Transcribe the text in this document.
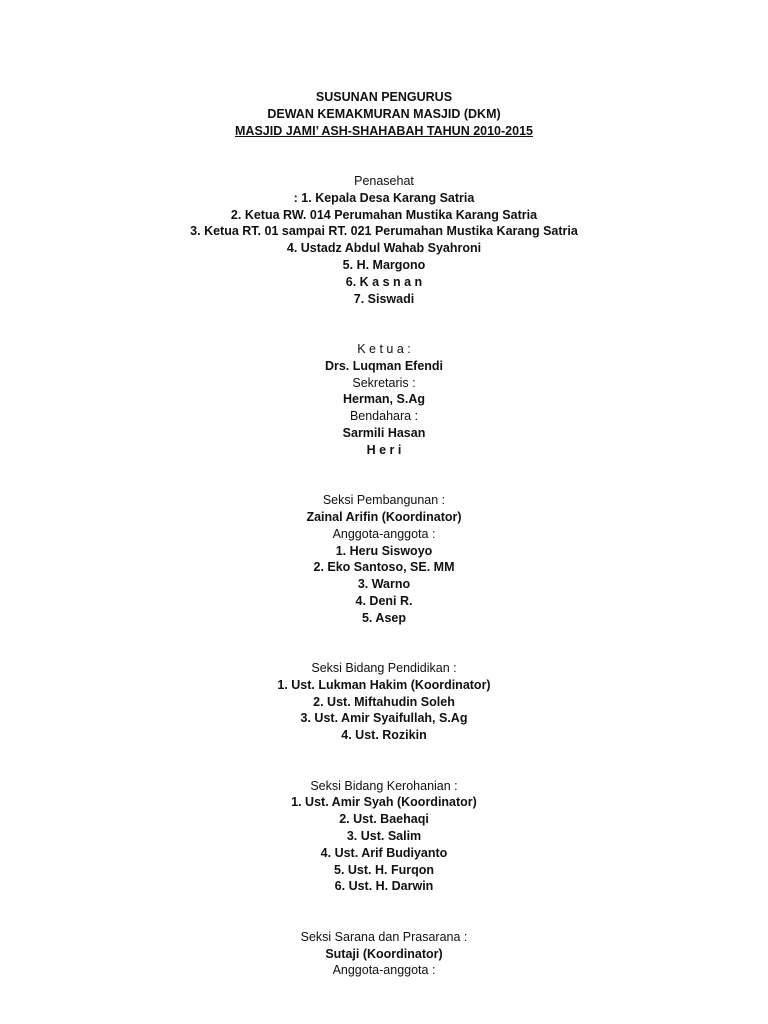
SUSUNAN PENGURUS
DEWAN KEMAKMURAN MASJID (DKM)
MASJID JAMI’ ASH-SHAHABAH TAHUN 2010-2015
Penasehat
: 1. Kepala Desa Karang Satria
2. Ketua RW. 014 Perumahan Mustika Karang Satria
3. Ketua RT. 01 sampai RT. 021 Perumahan Mustika Karang Satria
4. Ustadz Abdul Wahab Syahroni
5. H. Margono
6. K a s n a n
7. Siswadi
K e t u a :
Drs. Luqman Efendi
Sekretaris :
Herman, S.Ag
Bendahara :
Sarmili Hasan
H e r i
Seksi Pembangunan :
Zainal Arifin (Koordinator)
Anggota-anggota :
1. Heru Siswoyo
2. Eko Santoso, SE. MM
3. Warno
4. Deni R.
5. Asep
Seksi Bidang Pendidikan :
1. Ust. Lukman Hakim (Koordinator)
2. Ust. Miftahudin Soleh
3. Ust. Amir Syaifullah, S.Ag
4. Ust. Rozikin
Seksi Bidang Kerohanian :
1. Ust. Amir Syah (Koordinator)
2. Ust. Baehaqi
3. Ust. Salim
4. Ust. Arif Budiyanto
5. Ust. H. Furqon
6. Ust. H. Darwin
Seksi Sarana dan Prasarana :
Sutaji (Koordinator)
Anggota-anggota :
